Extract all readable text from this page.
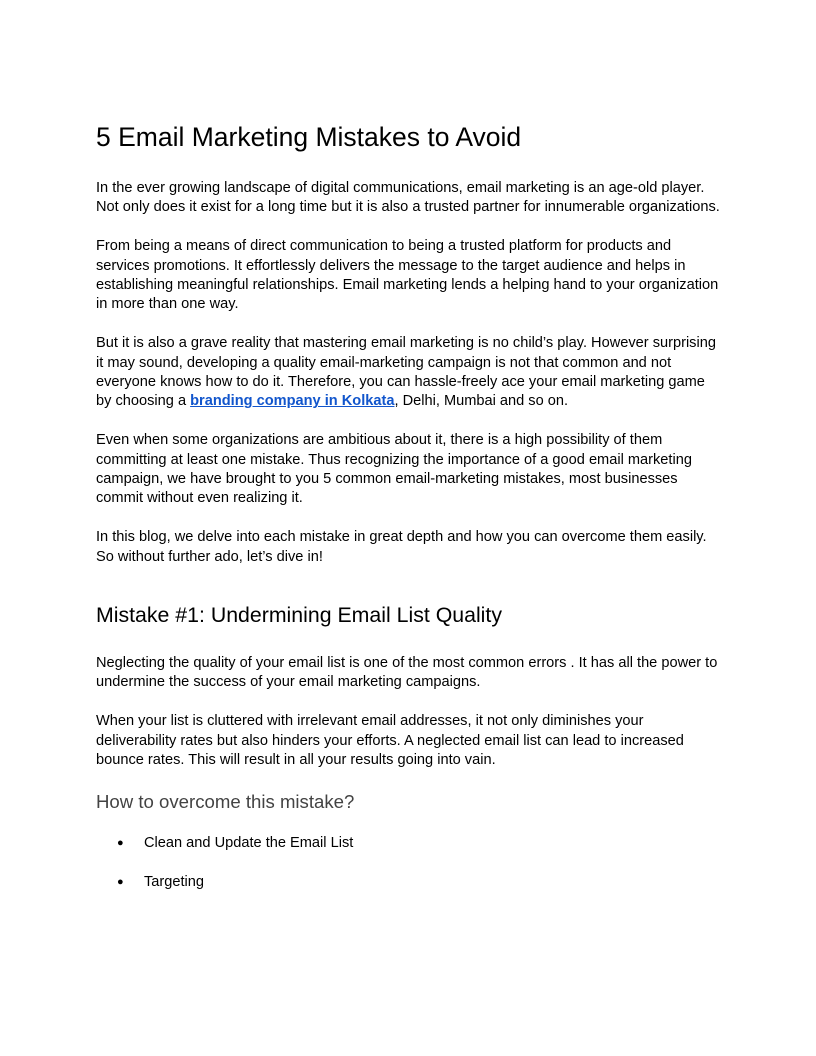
5 Email Marketing Mistakes to Avoid

In the ever growing landscape of digital communications, email marketing is an age-old player. Not only does it exist for a long time but it is also a trusted partner for innumerable organizations.

From being a means of direct communication to being a trusted platform for products and services promotions. It effortlessly delivers the message to the target audience and helps in establishing meaningful relationships. Email marketing lends a helping hand to your organization in more than one way.

But it is also a grave reality that mastering email marketing is no child’s play. However surprising it may sound, developing a quality email-marketing campaign is not that common and not everyone knows how to do it. Therefore, you can hassle-freely ace your email marketing game by choosing a branding company in Kolkata, Delhi, Mumbai and so on.

Even when some organizations are ambitious about it, there is a high possibility of them committing at least one mistake. Thus recognizing the importance of a good email marketing campaign, we have brought to you 5 common email-marketing mistakes, most businesses commit without even realizing it.

In this blog, we delve into each mistake in great depth and how you can overcome them easily. So without further ado, let’s dive in!

Mistake #1: Undermining Email List Quality

Neglecting the quality of your email list is one of the most common errors . It has all the power to undermine the success of your email marketing campaigns.

When your list is cluttered with irrelevant email addresses, it not only diminishes your deliverability rates but also hinders your efforts. A neglected email list can lead to increased bounce rates. This will result in all your results going into vain.

How to overcome this mistake?
● Clean and Update the Email List
● Targeting
